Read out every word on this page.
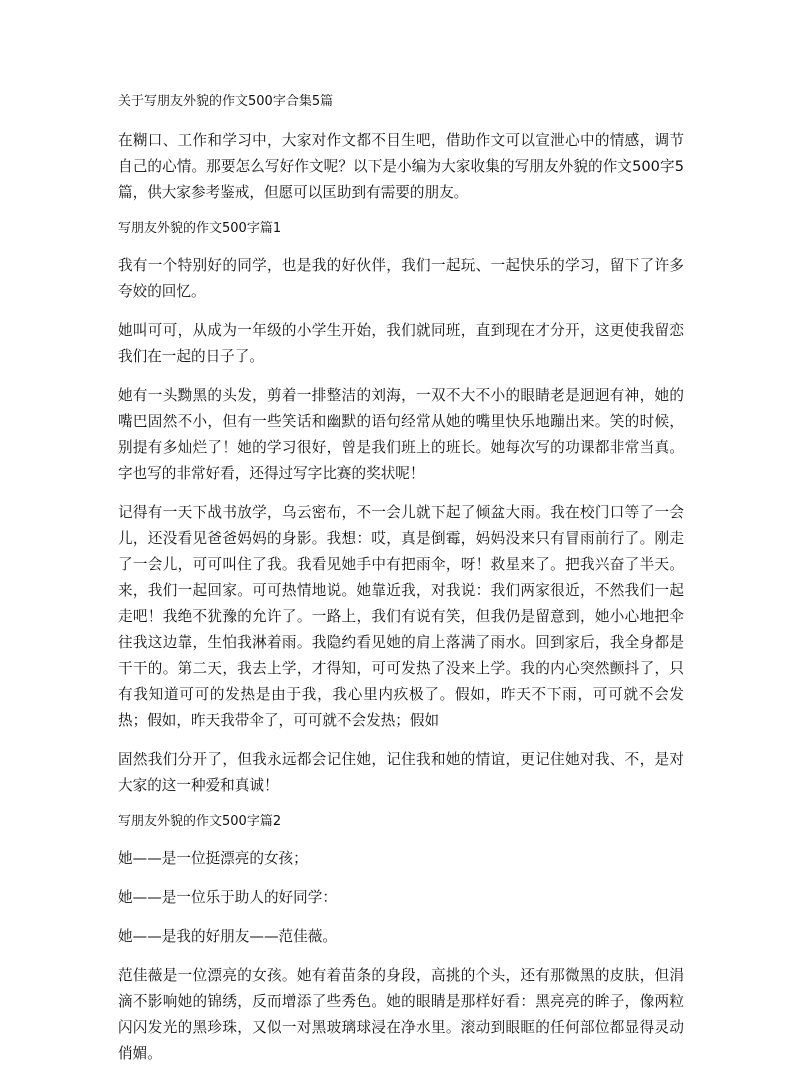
关于写朋友外貌的作文500字合集5篇

在糊口、工作和学习中，大家对作文都不目生吧，借助作文可以宣泄心中的情感，调节自己的心情。那要怎么写好作文呢？以下是小编为大家收集的写朋友外貌的作文500字5篇，供大家参考鉴戒，但愿可以匡助到有需要的朋友。

写朋友外貌的作文500字篇1

我有一个特别好的同学，也是我的好伙伴，我们一起玩、一起快乐的学习，留下了许多夸姣的回忆。

她叫可可，从成为一年级的小学生开始，我们就同班，直到现在才分开，这更使我留恋我们在一起的日子了。

她有一头黝黑的头发，剪着一排整洁的刘海，一双不大不小的眼睛老是迥迥有神，她的嘴巴固然不小，但有一些笑话和幽默的语句经常从她的嘴里快乐地蹦出来。笑的时候，别提有多灿烂了！她的学习很好，曾是我们班上的班长。她每次写的功课都非常当真。字也写的非常好看，还得过写字比赛的奖状呢！

记得有一天下战书放学，乌云密布，不一会儿就下起了倾盆大雨。我在校门口等了一会儿，还没看见爸爸妈妈的身影。我想：哎，真是倒霉，妈妈没来只有冒雨前行了。刚走了一会儿，可可叫住了我。我看见她手中有把雨伞，呀！救星来了。把我兴奋了半天。来，我们一起回家。可可热情地说。她靠近我，对我说：我们两家很近，不然我们一起走吧！我绝不犹豫的允许了。一路上，我们有说有笑，但我仍是留意到，她小心地把伞往我这边靠，生怕我淋着雨。我隐约看见她的肩上落满了雨水。回到家后，我全身都是干干的。第二天，我去上学，才得知，可可发热了没来上学。我的内心突然颤抖了，只有我知道可可的发热是由于我，我心里内疚极了。假如，昨天不下雨，可可就不会发热；假如，昨天我带伞了，可可就不会发热；假如

固然我们分开了，但我永远都会记住她，记住我和她的情谊，更记住她对我、不，是对大家的这一种爱和真诚！

写朋友外貌的作文500字篇2

她——是一位挺漂亮的女孩；

她——是一位乐于助人的好同学：

她——是我的好朋友——范佳薇。

范佳薇是一位漂亮的女孩。她有着苗条的身段，高挑的个头，还有那微黑的皮肤，但涓滴不影响她的锦绣，反而增添了些秀色。她的眼睛是那样好看：黑亮亮的眸子，像两粒闪闪发光的黑珍珠，又似一对黑玻璃球浸在净水里。滚动到眼眶的任何部位都显得灵动俏媚。
